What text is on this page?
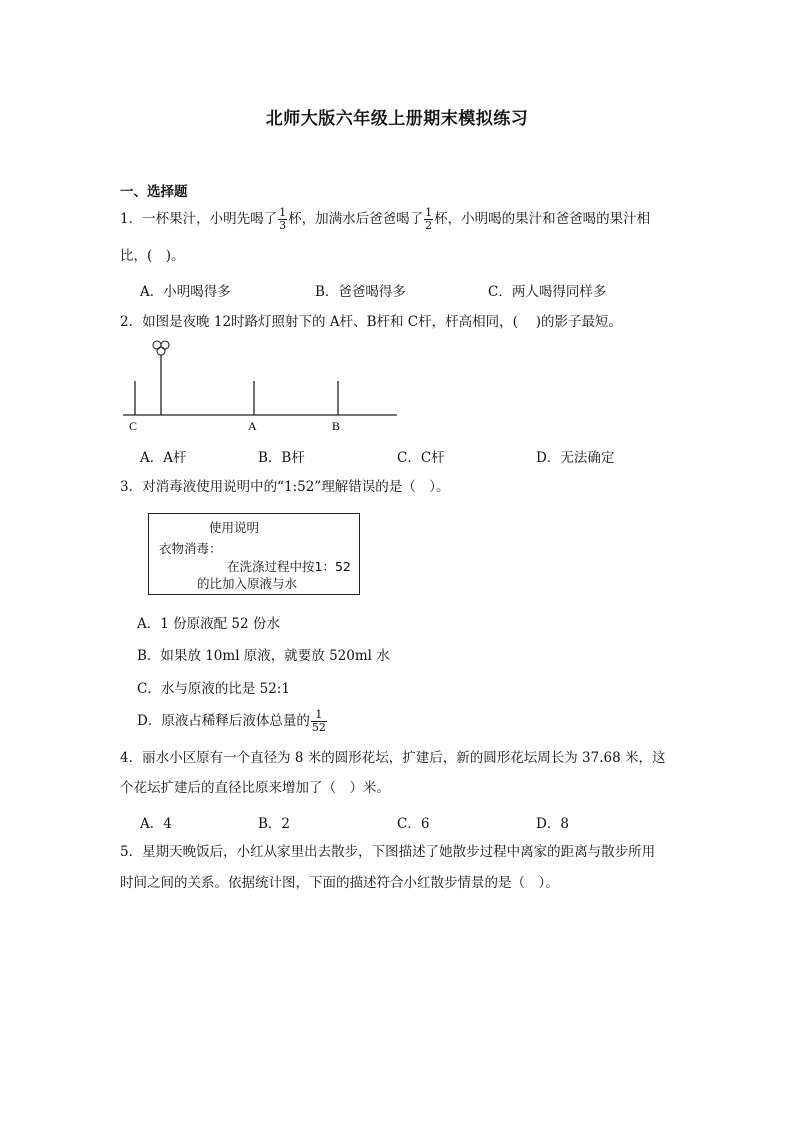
北师大版六年级上册期末模拟练习
一、选择题
1．一杯果汁，小明先喝了 $\frac{1}{3}$ 杯，加满水后爸爸喝了 $\frac{1}{2}$ 杯，小明喝的果汁和爸爸喝的果汁相
比，(　)。
A．小明喝得多	B．爸爸喝得多	C．两人喝得同样多
2．如图是夜晚 12时路灯照射下的 A杆、B杆和 C杆，杆高相同，(　 )的影子最短。
C	A	B
A．A杆	B．B杆	C．C杆	D．无法确定
3．对消毒液使用说明中的“1:52”理解错误的是（　）。
使用说明
衣物消毒：
在洗涤过程中按1：52
的比加入原液与水
A．1 份原液配 52 份水
B．如果放 10ml 原液，就要放 520ml 水
C．水与原液的比是 52:1
D．原液占稀释后液体总量的 $\frac{1}{52}$
4．丽水小区原有一个直径为 8 米的圆形花坛，扩建后，新的圆形花坛周长为 37.68 米，这
个花坛扩建后的直径比原来增加了（　）米。
A．4	B．2	C．6	D．8
5．星期天晚饭后，小红从家里出去散步，下图描述了她散步过程中离家的距离与散步所用
时间之间的关系。依据统计图，下面的描述符合小红散步情景的是（　）。
